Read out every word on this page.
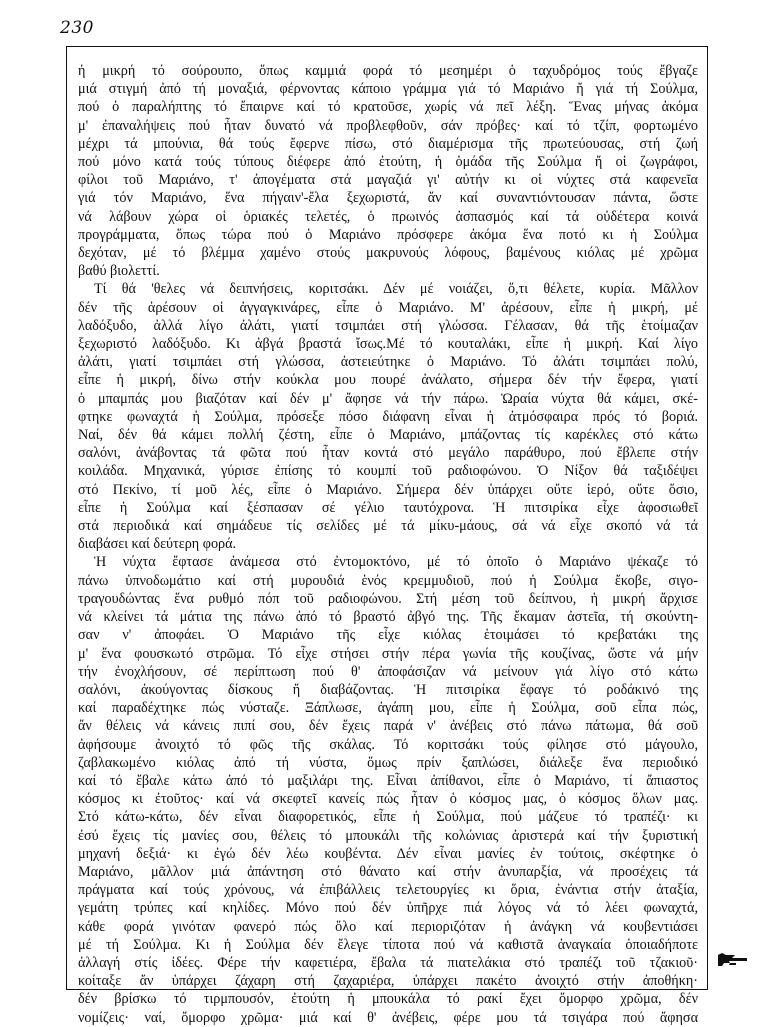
230
ἡ μικρή τό σούρουπο, ὅπως καμμιά φορά τό μεσημέρι ὁ ταχυδρόμος τούς ἔβγαζε
μιά στιγμή ἀπό τή μοναξιά, φέρνοντας κάποιο γράμμα γιά τό Μαριάνο ἤ γιά τή Σούλμα,
πού ὁ παραλήπτης τό ἔπαιρνε καί τό κρατοῦσε, χωρίς νά πεῖ λέξη. Ἕνας μήνας ἀκόμα
μ' ἐπαναλήψεις πού ἦταν δυνατό νά προβλεφθοῦν, σάν πρόβες· καί τό τζίπ, φορτωμένο
μέχρι τά μπούνια, θά τούς ἔφερνε πίσω, στό διαμέρισμα τῆς πρωτεύουσας, στή ζωή
πού μόνο κατά τούς τύπους διέφερε ἀπό ἐτούτη, ἡ ὁμάδα τῆς Σούλμα ἤ οἱ ζωγράφοι,
φίλοι τοῦ Μαριάνο, τ' ἀπογέματα στά μαγαζιά γι' αὐτήν κι οἱ νύχτες στά καφενεῖα
γιά τόν Μαριάνο, ἕνα πήγαιν'-ἔλα ξεχωριστά, ἄν καί συναντιόντουσαν πάντα, ὥστε
νά λάβουν χώρα οἱ ὁριακές τελετές, ὁ πρωινός ἀσπασμός καί τά οὐδέτερα κοινά
προγράμματα, ὅπως τώρα πού ὁ Μαριάνο πρόσφερε ἀκόμα ἕνα ποτό κι ἡ Σούλμα
δεχόταν, μέ τό βλέμμα χαμένο στούς μακρυνούς λόφους, βαμένους κιόλας μέ χρῶμα
βαθύ βιολεττί.
Τί θά 'θελες νά δειπνήσεις, κοριτσάκι. Δέν μέ νοιάζει, ὅ,τι θέλετε, κυρία. Μᾶλλον
δέν τῆς ἀρέσουν οἱ ἀγγαγκινάρες, εἶπε ὁ Μαριάνο. Μ' ἀρέσουν, εἶπε ἡ μικρή, μέ
λαδόξυδο, ἀλλά λίγο ἀλάτι, γιατί τσιμπάει στή γλώσσα. Γέλασαν, θά τῆς ἑτοίμαζαν
ξεχωριστό λαδόξυδο. Κι ἀβγά βραστά ἴσως.Μέ τό κουταλάκι, εἶπε ἡ μικρή. Καί λίγο
ἀλάτι, γιατί τσιμπάει στή γλώσσα, ἀστειεύτηκε ὁ Μαριάνο. Τό ἀλάτι τσιμπάει πολύ,
εἶπε ἡ μικρή, δίνω στήν κούκλα μου πουρέ ἀνάλατο, σήμερα δέν τήν ἔφερα, γιατί
ὁ μπαμπάς μου βιαζόταν καί δέν μ' ἄφησε νά τήν πάρω. Ὡραία νύχτα θά κάμει, σκέ-
φτηκε φωναχτά ἡ Σούλμα, πρόσεξε πόσο διάφανη εἶναι ἡ ἀτμόσφαιρα πρός τό βοριά.
Ναί, δέν θά κάμει πολλή ζέστη, εἶπε ὁ Μαριάνο, μπάζοντας τίς καρέκλες στό κάτω
σαλόνι, ἀνάβοντας τά φῶτα πού ἦταν κοντά στό μεγάλο παράθυρο, πού ἔβλεπε στήν
κοιλάδα. Μηχανικά, γύρισε ἐπίσης τό κουμπί τοῦ ραδιοφώνου. Ὁ Νίξον θά ταξιδέψει
στό Πεκίνο, τί μοῦ λές, εἶπε ὁ Μαριάνο. Σήμερα δέν ὑπάρχει οὔτε ἱερό, οὔτε ὅσιο,
εἶπε ἡ Σούλμα καί ξέσπασαν σέ γέλιο ταυτόχρονα. Ἡ πιτσιρίκα εἶχε ἀφοσιωθεῖ
στά περιοδικά καί σημάδευε τίς σελίδες μέ τά μίκυ-μάους, σά νά εἶχε σκοπό νά τά
διαβάσει καί δεύτερη φορά.
Ἡ νύχτα ἔφτασε ἀνάμεσα στό ἐντομοκτόνο, μέ τό ὁποῖο ὁ Μαριάνο ψέκαζε τό
πάνω ὑπνοδωμάτιο καί στή μυρουδιά ἑνός κρεμμυδιοῦ, πού ἡ Σούλμα ἔκοβε, σιγο-
τραγουδώντας ἕνα ρυθμό πόπ τοῦ ραδιοφώνου. Στή μέση τοῦ δείπνου, ἡ μικρή ἄρχισε
νά κλείνει τά μάτια της πάνω ἀπό τό βραστό ἀβγό της. Τῆς ἔκαμαν ἀστεῖα, τή σκούντη-
σαν ν' ἀποφάει. Ὁ Μαριάνο τῆς εἶχε κιόλας ἑτοιμάσει τό κρεβατάκι της
μ' ἕνα φουσκωτό στρῶμα. Τό εἶχε στήσει στήν πέρα γωνία τῆς κουζίνας, ὥστε νά μήν
τήν ἐνοχλήσουν, σέ περίπτωση πού θ' ἀποφάσιζαν νά μείνουν γιά λίγο στό κάτω
σαλόνι, ἀκούγοντας δίσκους ἤ διαβάζοντας. Ἡ πιτσιρίκα ἔφαγε τό ροδάκινό της
καί παραδέχτηκε πώς νύσταζε. Ξάπλωσε, ἀγάπη μου, εἶπε ἡ Σούλμα, σοῦ εἶπα πώς,
ἄν θέλεις νά κάνεις πιπί σου, δέν ἔχεις παρά ν' ἀνέβεις στό πάνω πάτωμα, θά σοῦ
ἀφήσουμε ἀνοιχτό τό φῶς τῆς σκάλας. Τό κοριτσάκι τούς φίλησε στό μάγουλο,
ζαβλακωμένο κιόλας ἀπό τή νύστα, ὅμως πρίν ξαπλώσει, διάλεξε ἕνα περιοδικό
καί τό ἔβαλε κάτω ἀπό τό μαξιλάρι της. Εἶναι ἀπίθανοι, εἶπε ὁ Μαριάνο, τί ἄπιαστος
κόσμος κι ἐτοῦτος· καί νά σκεφτεῖ κανείς πώς ἦταν ὁ κόσμος μας, ὁ κόσμος ὅλων μας.
Στό κάτω-κάτω, δέν εἶναι διαφορετικός, εἶπε ἡ Σούλμα, πού μάζευε τό τραπέζι· κι
ἐσύ ἔχεις τίς μανίες σου, θέλεις τό μπουκάλι τῆς κολώνιας ἀριστερά καί τήν ξυριστική
μηχανή δεξιά· κι ἐγώ δέν λέω κουβέντα. Δέν εἶναι μανίες ἐν τούτοις, σκέφτηκε ὁ
Μαριάνο, μᾶλλον μιά ἀπάντηση στό θάνατο καί στήν ἀνυπαρξία, νά προσέχεις τά
πράγματα καί τούς χρόνους, νά ἐπιβάλλεις τελετουργίες κι ὅρια, ἐνάντια στήν ἀταξία,
γεμάτη τρύπες καί κηλίδες. Μόνο πού δέν ὑπῆρχε πιά λόγος νά τό λέει φωναχτά,
κάθε φορά γινόταν φανερό πώς ὅλο καί περιοριζόταν ἡ ἀνάγκη νά κουβεντιάσει
μέ τή Σούλμα. Κι ἡ Σούλμα δέν ἔλεγε τίποτα πού νά καθιστᾶ ἀναγκαία ὁποιαδήποτε
ἀλλαγή στίς ἰδέες. Φέρε τήν καφετιέρα, ἔβαλα τά πιατελάκια στό τραπέζι τοῦ τζακιοῦ·
κοίταξε ἄν ὑπάρχει ζάχαρη στή ζαχαριέρα, ὑπάρχει πακέτο ἀνοιχτό στήν ἀποθήκη·
δέν βρίσκω τό τιρμπουσόν, ἐτούτη ἡ μπουκάλα τό ρακί ἔχει ὄμορφο χρῶμα, δέν
νομίζεις· ναί, ὄμορφο χρῶμα· μιά καί θ' ἀνέβεις, φέρε μου τά τσιγάρα πού ἄφησα
